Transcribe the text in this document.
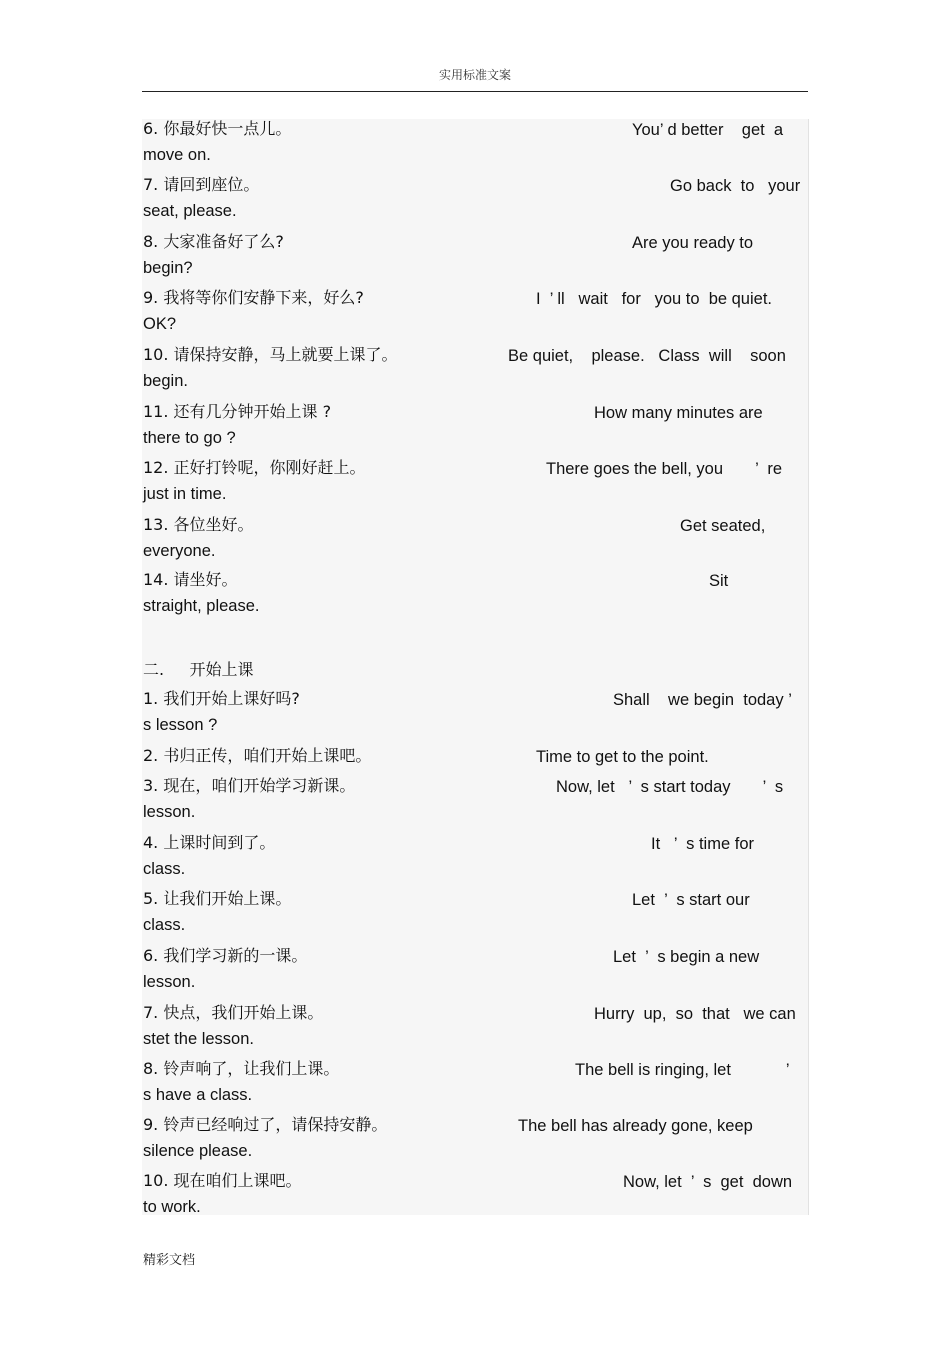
实用标准文案
6. 你最好快一点儿。	You’ d better    get  a
move on.
7. 请回到座位。	Go back  to   your
seat, please.
8. 大家准备好了么?	Are you ready to
begin?
9. 我将等你们安静下来，好么?	I  ’ ll   wait   for   you to  be quiet.
OK?
10. 请保持安静，马上就要上课了。	Be quiet,    please.   Class  will    soon
begin.
11. 还有几分钟开始上课 ?	How many minutes are
there to go ?
12. 正好打铃呢，你刚好赶上。	There goes the bell, you       ’  re
just in time.
13. 各位坐好。	Get seated,
everyone.
14. 请坐好。	Sit
straight, please.
二.     开始上课
1. 我们开始上课好吗?	Shall    we begin  today ’
s lesson ?
2. 书归正传，咱们开始上课吧。	Time to get to the point.
3. 现在，咱们开始学习新课。	Now, let   ’  s start today       ’  s
lesson.
4. 上课时间到了。	It   ’  s time for
class.
5. 让我们开始上课。	Let  ’  s start our
class.
6. 我们学习新的一课。	Let  ’  s begin a new
lesson.
7. 快点，我们开始上课。	Hurry  up,  so  that   we can
stet the lesson.
8. 铃声响了，让我们上课。	The bell is ringing, let            ’
s have a class.
9. 铃声已经响过了，请保持安静。	The bell has already gone, keep
silence please.
10. 现在咱们上课吧。	Now, let  ’  s  get  down
to work.
精彩文档
